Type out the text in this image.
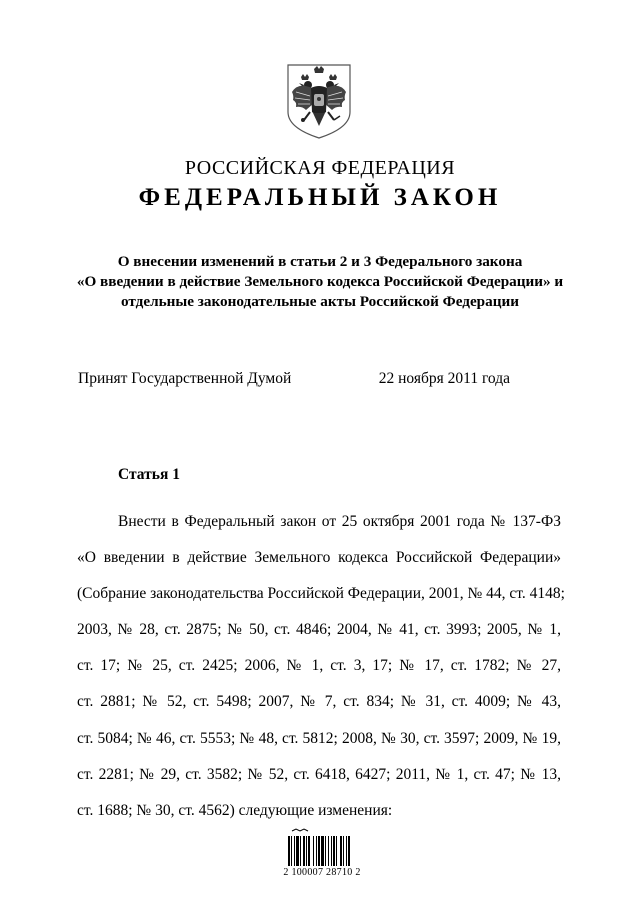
РОССИЙСКАЯ ФЕДЕРАЦИЯ
ФЕДЕРАЛЬНЫЙ ЗАКОН
О внесении изменений в статьи 2 и 3 Федерального закона
«О введении в действие Земельного кодекса Российской Федерации» и
отдельные законодательные акты Российской Федерации
Принят Государственной Думой	22 ноября 2011 года
Статья 1
Внести в Федеральный закон от 25 октября 2001 года № 137-ФЗ
«О введении в действие Земельного кодекса Российской Федерации»
(Собрание законодательства Российской Федерации, 2001, № 44, ст. 4148;
2003, № 28, ст. 2875; № 50, ст. 4846; 2004, № 41, ст. 3993; 2005, № 1,
ст. 17; № 25, ст. 2425; 2006, № 1, ст. 3, 17; № 17, ст. 1782; № 27,
ст. 2881; № 52, ст. 5498; 2007, № 7, ст. 834; № 31, ст. 4009; № 43,
ст. 5084; № 46, ст. 5553; № 48, ст. 5812; 2008, № 30, ст. 3597; 2009, № 19,
ст. 2281; № 29, ст. 3582; № 52, ст. 6418, 6427; 2011, № 1, ст. 47; № 13,
ст. 1688; № 30, ст. 4562) следующие изменения:
2 100007 28710 2
